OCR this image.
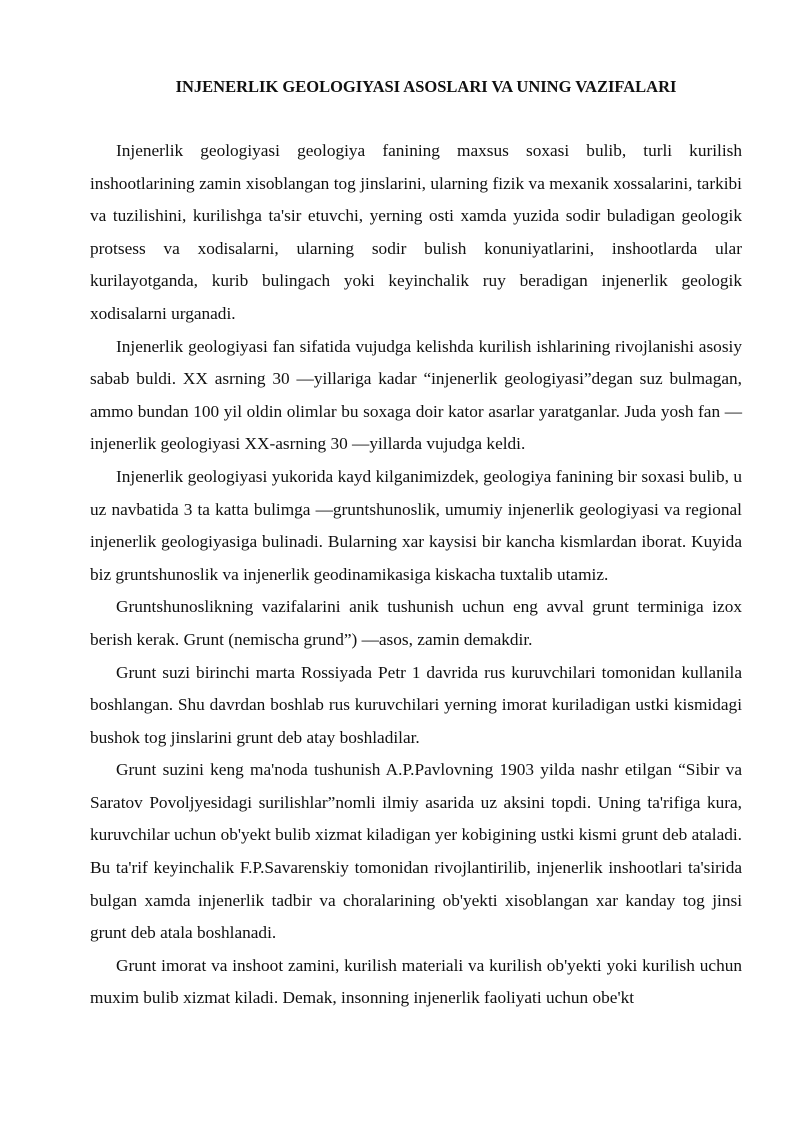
INJENERLIK GEOLOGIYASI ASOSLARI VA UNING VAZIFALARI

Injenerlik geologiyasi geologiya fanining maxsus soxasi bulib, turli kurilish inshootlarining zamin xisoblangan tog jinslarini, ularning fizik va mexanik xossalarini, tarkibi va tuzilishini, kurilishga ta'sir etuvchi, yerning osti xamda yuzida sodir buladigan geologik protsess va xodisalarni, ularning sodir bulish konuniyatlarini, inshootlarda ular kurilayotganda, kurib bulingach yoki keyinchalik ruy beradigan injenerlik geologik xodisalarni urganadi.

Injenerlik geologiyasi fan sifatida vujudga kelishda kurilish ishlarining rivojlanishi asosiy sabab buldi. XX asrning 30 —yillariga kadar “injenerlik geologiyasi”degan suz bulmagan, ammo bundan 100 yil oldin olimlar bu soxaga doir kator asarlar yaratganlar. Juda yosh fan —injenerlik geologiyasi XX-asrning 30 —yillarda vujudga keldi.

Injenerlik geologiyasi yukorida kayd kilganimizdek, geologiya fanining bir soxasi bulib, u uz navbatida 3 ta katta bulimga —gruntshunoslik, umumiy injenerlik geologiyasi va regional injenerlik geologiyasiga bulinadi. Bularning xar kaysisi bir kancha kismlardan iborat. Kuyida biz gruntshunoslik va injenerlik geodinamikasiga kiskacha tuxtalib utamiz.

Gruntshunoslikning vazifalarini anik tushunish uchun eng avval grunt terminiga izox berish kerak. Grunt (nemischa grund”) —asos, zamin demakdir.

Grunt suzi birinchi marta Rossiyada Petr 1 davrida rus kuruvchilari tomonidan kullanila boshlangan. Shu davrdan boshlab rus kuruvchilari yerning imorat kuriladigan ustki kismidagi bushok tog jinslarini grunt deb atay boshladilar.

Grunt suzini keng ma'noda tushunish A.P.Pavlovning 1903 yilda nashr etilgan “Sibir va Saratov Povoljyesidagi surilishlar”nomli ilmiy asarida uz aksini topdi. Uning ta'rifiga kura, kuruvchilar uchun ob'yekt bulib xizmat kiladigan yer kobigining ustki kismi grunt deb ataladi. Bu ta'rif keyinchalik F.P.Savarenskiy tomonidan rivojlantirilib, injenerlik inshootlari ta'sirida bulgan xamda injenerlik tadbir va choralarining ob'yekti xisoblangan xar kanday tog jinsi grunt deb atala boshlanadi.

Grunt imorat va inshoot zamini, kurilish materiali va kurilish ob'yekti yoki kurilish uchun muxim bulib xizmat kiladi. Demak, insonning injenerlik faoliyati uchun obe'kt
